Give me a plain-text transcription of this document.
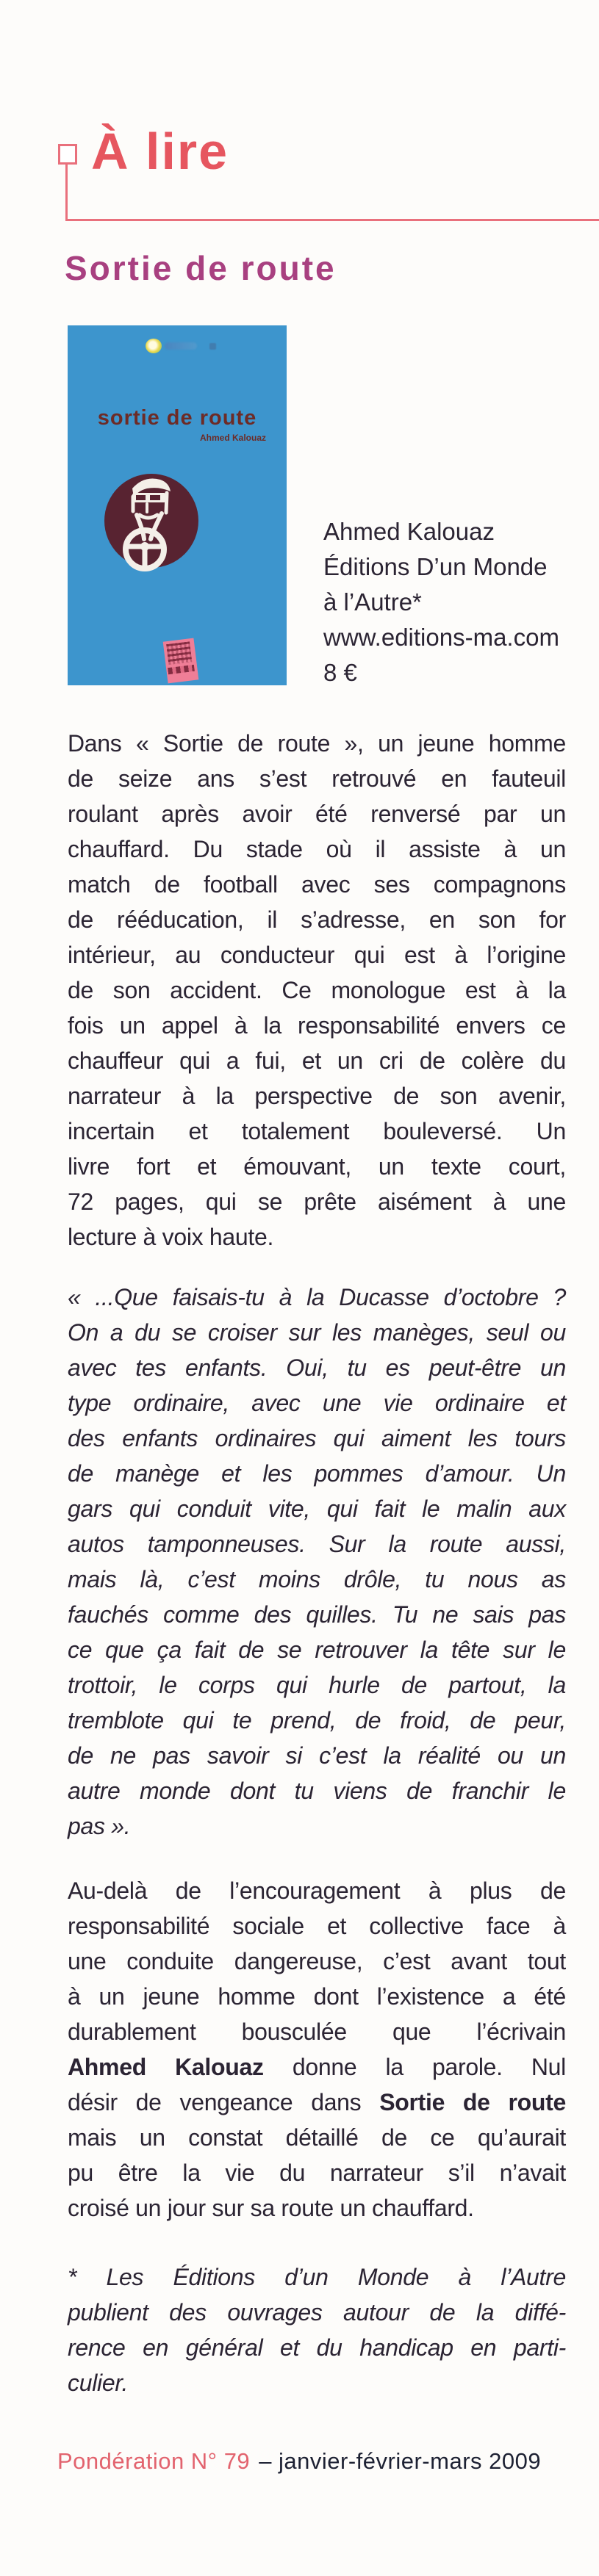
À lire
Sortie de route
sortie de route
Ahmed Kalouaz
Ahmed Kalouaz
Éditions D’un Monde
à l’Autre*
www.editions-ma.com
8 €
Dans « Sortie de route », un jeune homme
de seize ans s’est retrouvé en fauteuil
roulant après avoir été renversé par un
chauffard. Du stade où il assiste à un
match de football avec ses compagnons
de rééducation, il s’adresse, en son for
intérieur, au conducteur qui est à l’origine
de son accident. Ce monologue est à la
fois un appel à la responsabilité envers ce
chauffeur qui a fui, et un cri de colère du
narrateur à la perspective de son avenir,
incertain et totalement bouleversé. Un
livre fort et émouvant, un texte court,
72 pages, qui se prête aisément à une
lecture à voix haute.
« ...Que faisais-tu à la Ducasse d’octobre ?
On a du se croiser sur les manèges, seul ou
avec tes enfants. Oui, tu es peut-être un
type ordinaire, avec une vie ordinaire et
des enfants ordinaires qui aiment les tours
de manège et les pommes d’amour. Un
gars qui conduit vite, qui fait le malin aux
autos tamponneuses. Sur la route aussi,
mais là, c’est moins drôle, tu nous as
fauchés comme des quilles. Tu ne sais pas
ce que ça fait de se retrouver la tête sur le
trottoir, le corps qui hurle de partout, la
tremblote qui te prend, de froid, de peur,
de ne pas savoir si c’est la réalité ou un
autre monde dont tu viens de franchir le
pas ».
Au-delà de l’encouragement à plus de
responsabilité sociale et collective face à
une conduite dangereuse, c’est avant tout
à un jeune homme dont l’existence a été
durablement bousculée que l’écrivain
Ahmed Kalouaz donne la parole. Nul
désir de vengeance dans Sortie de route
mais un constat détaillé de ce qu’aurait
pu être la vie du narrateur s’il n’avait
croisé un jour sur sa route un chauffard.
* Les Éditions d’un Monde à l’Autre
publient des ouvrages autour de la diffé-
rence en général et du handicap en parti-
culier.
Pondération N° 79 – janvier-février-mars 2009
